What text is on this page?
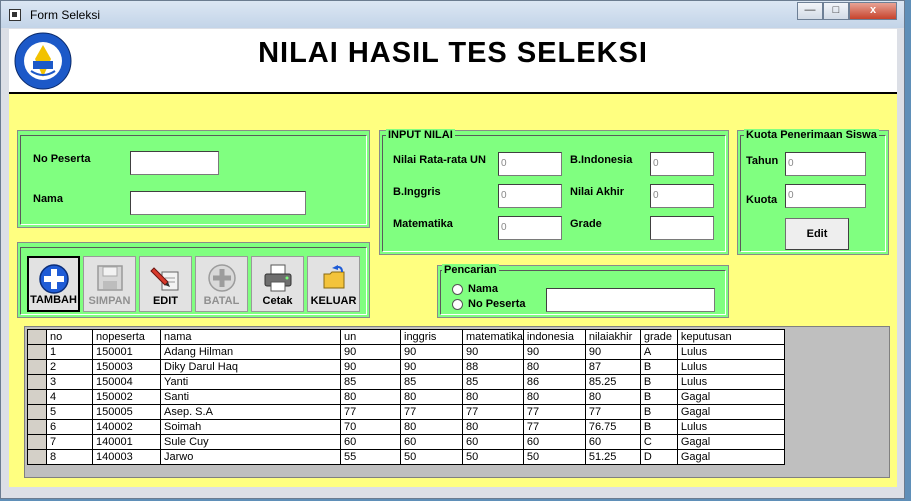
Form Seleksi	—	□	x
NILAI HASIL TES SELEKSI
No Peserta
Nama
INPUT NILAI
Nilai Rata-rata UN	0
B.Inggris	0
Matematika	0
B.Indonesia	0
Nilai Akhir	0
Grade
Kuota Penerimaan Siswa
Tahun 0
Kuota	0
Edit
TAMBAH	SIMPAN	EDIT	BATAL	Cetak	KELUAR
Pencarian
Nama
No Peserta
	no	nopeserta	nama	un	inggris	matematika	indonesia	nilaiakhir	grade	keputusan
	1	150001	Adang Hilman	90	90	90	90	90	A	Lulus
	2	150003	Diky Darul Haq	90	90	88	80	87	B	Lulus
	3	150004	Yanti	85	85	85	86	85.25	B	Lulus
	4	150002	Santi	80	80	80	80	80	B	Gagal
	5	150005	Asep. S.A	77	77	77	77	77	B	Gagal
	6	140002	Soimah	70	80	80	77	76.75	B	Lulus
	7	140001	Sule Cuy	60	60	60	60	60	C	Gagal
	8	140003	Jarwo	55	50	50	50	51.25	D	Gagal
